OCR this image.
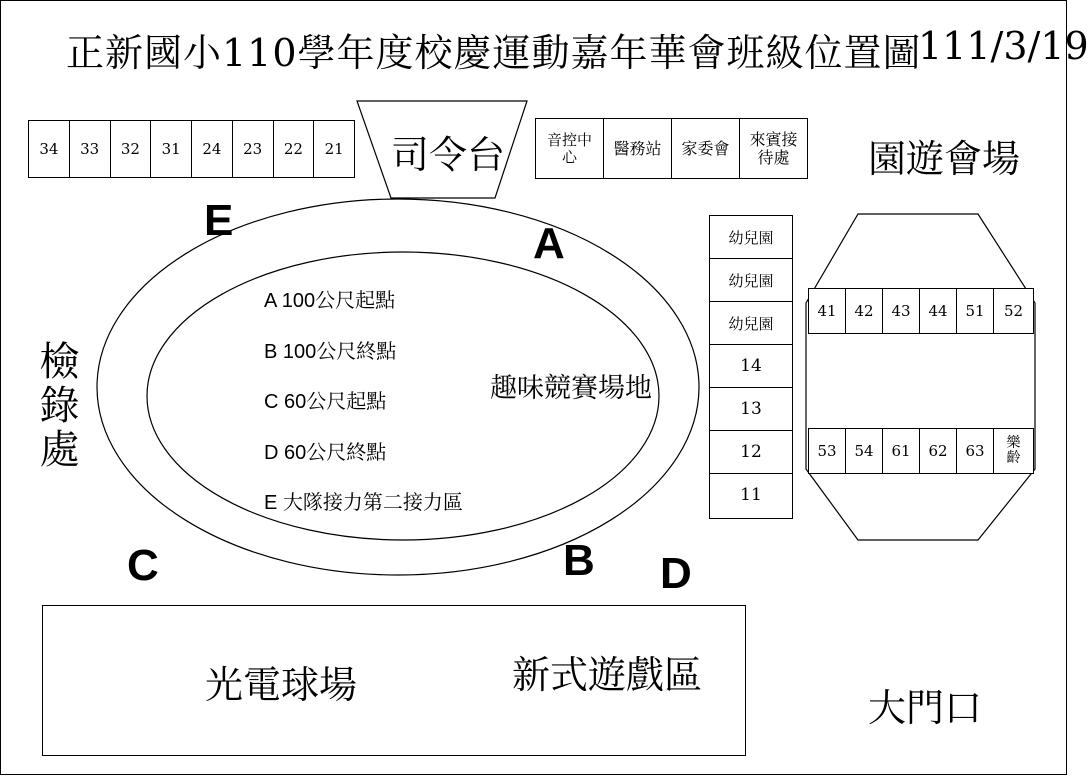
正新國小110學年度校慶運動嘉年華會班級位置圖
111/3/19
34	33	32	31	24	23	22	21 司令台	音控中心	醫務站	家委會	來賓接待處	園遊會場
E	A
C	B D
A 100公尺起點
B 100公尺終點
C 60公尺起點
D 60公尺終點
E 大隊接力第二接力區
趣味競賽場地
檢錄處
幼兒園
幼兒園
幼兒園
14
13
12
11
41	42	43	44	51	52
53	54	61	62	63	樂齡
光電球場	新式遊戲區
大門口
